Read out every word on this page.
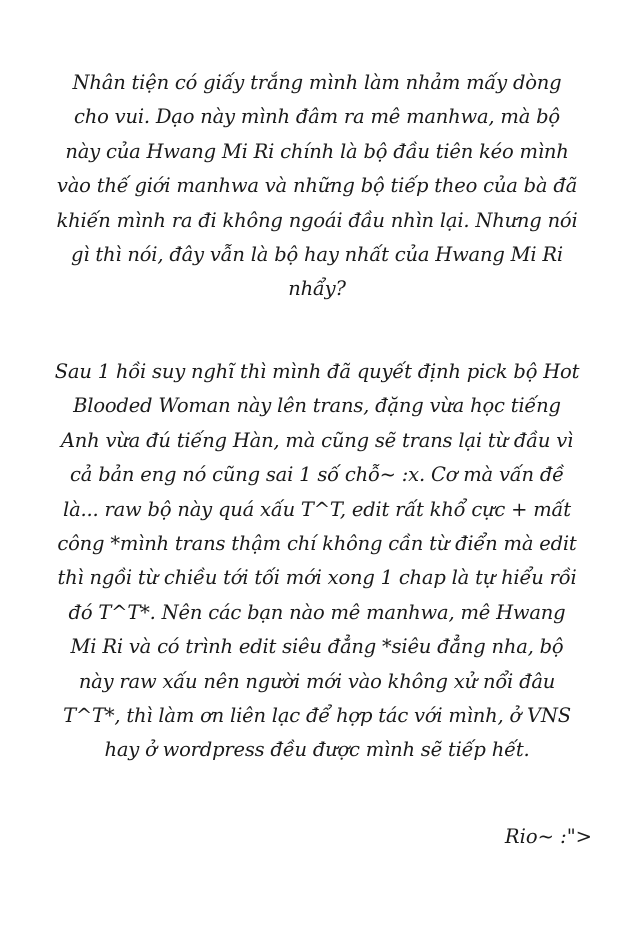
Nhân tiện có giấy trắng mình làm nhảm mấy dòng
cho vui. Dạo này mình đâm ra mê manhwa, mà bộ
này của Hwang Mi Ri chính là bộ đầu tiên kéo mình
vào thế giới manhwa và những bộ tiếp theo của bà đã
khiến mình ra đi không ngoái đầu nhìn lại. Nhưng nói
gì thì nói, đây vẫn là bộ hay nhất của Hwang Mi Ri
nhẩy?

Sau 1 hồi suy nghĩ thì mình đã quyết định pick bộ Hot
Blooded Woman này lên trans, đặng vừa học tiếng
Anh vừa đú tiếng Hàn, mà cũng sẽ trans lại từ đầu vì
cả bản eng nó cũng sai 1 số chỗ~ :x. Cơ mà vấn đề
là... raw bộ này quá xấu T^T, edit rất khổ cực + mất
công *mình trans thậm chí không cần từ điển mà edit
thì ngồi từ chiều tới tối mới xong 1 chap là tự hiểu rồi
đó T^T*. Nên các bạn nào mê manhwa, mê Hwang
Mi Ri và có trình edit siêu đẳng *siêu đẳng nha, bộ
này raw xấu nên người mới vào không xử nổi đâu
T^T*, thì làm ơn liên lạc để hợp tác với mình, ở VNS
hay ở wordpress đều được mình sẽ tiếp hết.

Rio~ :">
